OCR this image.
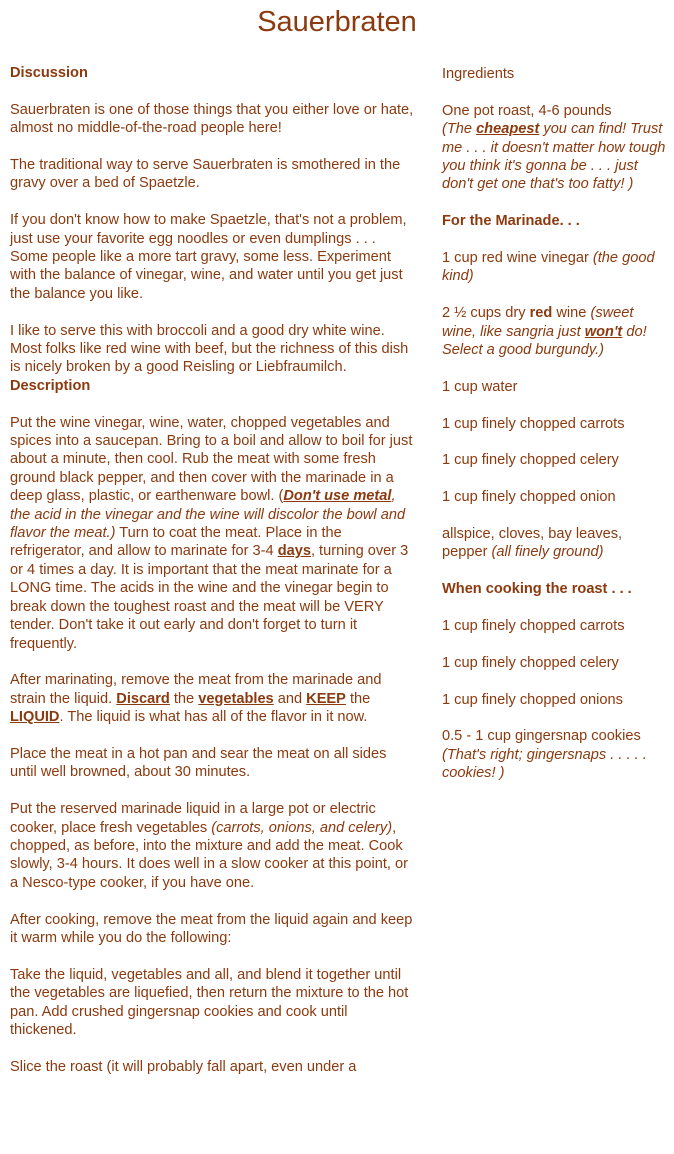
Sauerbraten

Discussion

Sauerbraten is one of those things that you either love or hate, almost no middle-of-the-road people here!

The traditional way to serve Sauerbraten is smothered in the gravy over a bed of Spaetzle.

If you don't know how to make Spaetzle, that's not a problem, just use your favorite egg noodles or even dumplings . . . Some people like a more tart gravy, some less. Experiment with the balance of vinegar, wine, and water until you get just the balance you like.

I like to serve this with broccoli and a good dry white wine. Most folks like red wine with beef, but the richness of this dish is nicely broken by a good Reisling or Liebfraumilch.

Description

Put the wine vinegar, wine, water, chopped vegetables and spices into a saucepan. Bring to a boil and allow to boil for just about a minute, then cool. Rub the meat with some fresh ground black pepper, and then cover with the marinade in a deep glass, plastic, or earthenware bowl. (Don't use metal, the acid in the vinegar and the wine will discolor the bowl and flavor the meat.) Turn to coat the meat. Place in the refrigerator, and allow to marinate for 3-4 days, turning over 3 or 4 times a day. It is important that the meat marinate for a LONG time. The acids in the wine and the vinegar begin to break down the toughest roast and the meat will be VERY tender. Don't take it out early and don't forget to turn it frequently.

After marinating, remove the meat from the marinade and strain the liquid. Discard the vegetables and KEEP the LIQUID. The liquid is what has all of the flavor in it now.

Place the meat in a hot pan and sear the meat on all sides until well browned, about 30 minutes.

Put the reserved marinade liquid in a large pot or electric cooker, place fresh vegetables (carrots, onions, and celery), chopped, as before, into the mixture and add the meat. Cook slowly, 3-4 hours. It does well in a slow cooker at this point, or a Nesco-type cooker, if you have one.

After cooking, remove the meat from the liquid again and keep it warm while you do the following:

Take the liquid, vegetables and all, and blend it together until the vegetables are liquefied, then return the mixture to the hot pan. Add crushed gingersnap cookies and cook until thickened.

Slice the roast (it will probably fall apart, even under a

Ingredients

One pot roast, 4-6 pounds

(The cheapest you can find! Trust me . . . it doesn't matter how tough you think it's gonna be . . . just don't get one that's too fatty! )

For the Marinade. . .

1 cup red wine vinegar (the good kind)

2 ½ cups dry red wine (sweet wine, like sangria just won't do! Select a good burgundy.)

1 cup water

1 cup finely chopped carrots

1 cup finely chopped celery

1 cup finely chopped onion

allspice, cloves, bay leaves, pepper (all finely ground)

When cooking the roast . . .

1 cup finely chopped carrots

1 cup finely chopped celery

1 cup finely chopped onions

0.5 - 1 cup gingersnap cookies

(That's right; gingersnaps . . . . . cookies! )
